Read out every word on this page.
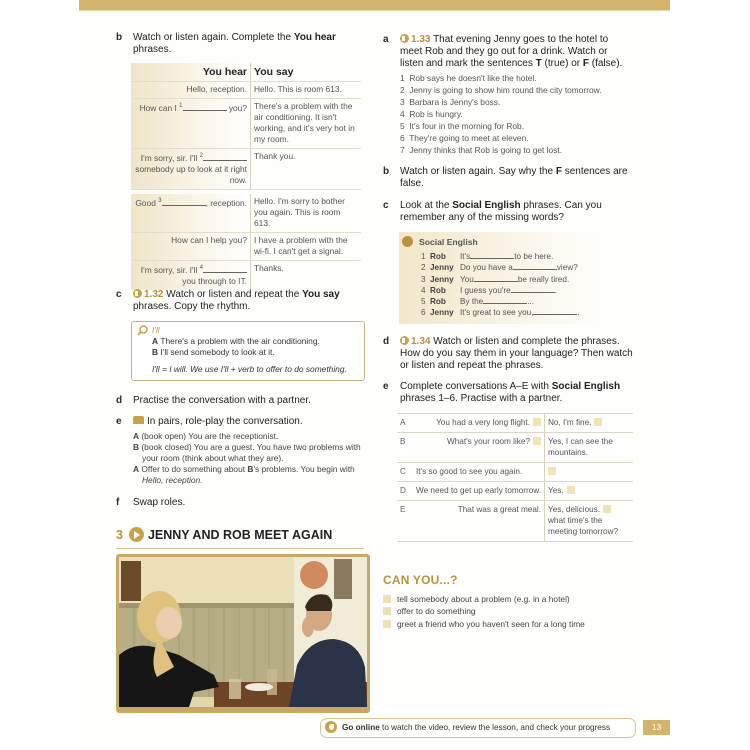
b Watch or listen again. Complete the You hear phrases.
You hear	You say
Hello, reception.	Hello. This is room 613.
How can I $^1$ you?	There's a problem with the air conditioning. It isn't working, and it's very hot in my room.
I'm sorry, sir. I'll $^2$ somebody up to look at it right now.	Thank you.

Good $^3$ , reception.	Hello. I'm sorry to bother you again. This is room 613.
How can I help you?	I have a problem with the wi-fi. I can't get a signal.
I'm sorry, sir. I'll $^4$ you through to IT.	Thanks.
c	1.32 Watch or listen and repeat the You say phrases. Copy the rhythm.
I'll
A There's a problem with the air conditioning.
B I'll send somebody to look at it.
I'll = I will. We use I'll + verb to offer to do something.
d Practise the conversation with a partner.
e	In pairs, role-play the conversation.
A (book open) You are the receptionist.
B (book closed) You are a guest. You have two problems with your room (think about what they are).
A Offer to do something about B's problems. You begin with Hello, reception.
f Swap roles.
3 JENNY AND ROB MEET AGAIN
a	1.33 That evening Jenny goes to the hotel to meet Rob and they go out for a drink. Watch or listen and mark the sentences T (true) or F (false).
1 Rob says he doesn't like the hotel.
2 Jenny is going to show him round the city tomorrow.
3 Barbara is Jenny's boss.
4 Rob is hungry.
5 It's four in the morning for Rob.
6 They're going to meet at eleven.
7 Jenny thinks that Rob is going to get lost.
b Watch or listen again. Say why the F sentences are false.
c Look at the Social English phrases. Can you remember any of the missing words?
Social English
1 Rob It's	to be here.
2 Jenny Do you have a	view?
3 Jenny You	be really tired.
4 Rob I guess you're	.
5 Rob By the	...
6 Jenny It's great to see you,	.
d	1.34 Watch or listen and complete the phrases. How do you say them in your language? Then watch or listen and repeat the phrases.
e Complete conversations A–E with Social English phrases 1–6. Practise with a partner.
A	You had a very long flight.	No, I'm fine.
B	What's your room like?	Yes, I can see the mountains.
C	It's so good to see you again.	
D	We need to get up early tomorrow.	Yes.
E	That was a great meal.	Yes, delicious.
what time's the meeting tomorrow?
CAN YOU...?
tell somebody about a problem (e.g. in a hotel)
offer to do something
greet a friend who you haven't seen for a long time
Go online to watch the video, review the lesson, and check your progress	13
